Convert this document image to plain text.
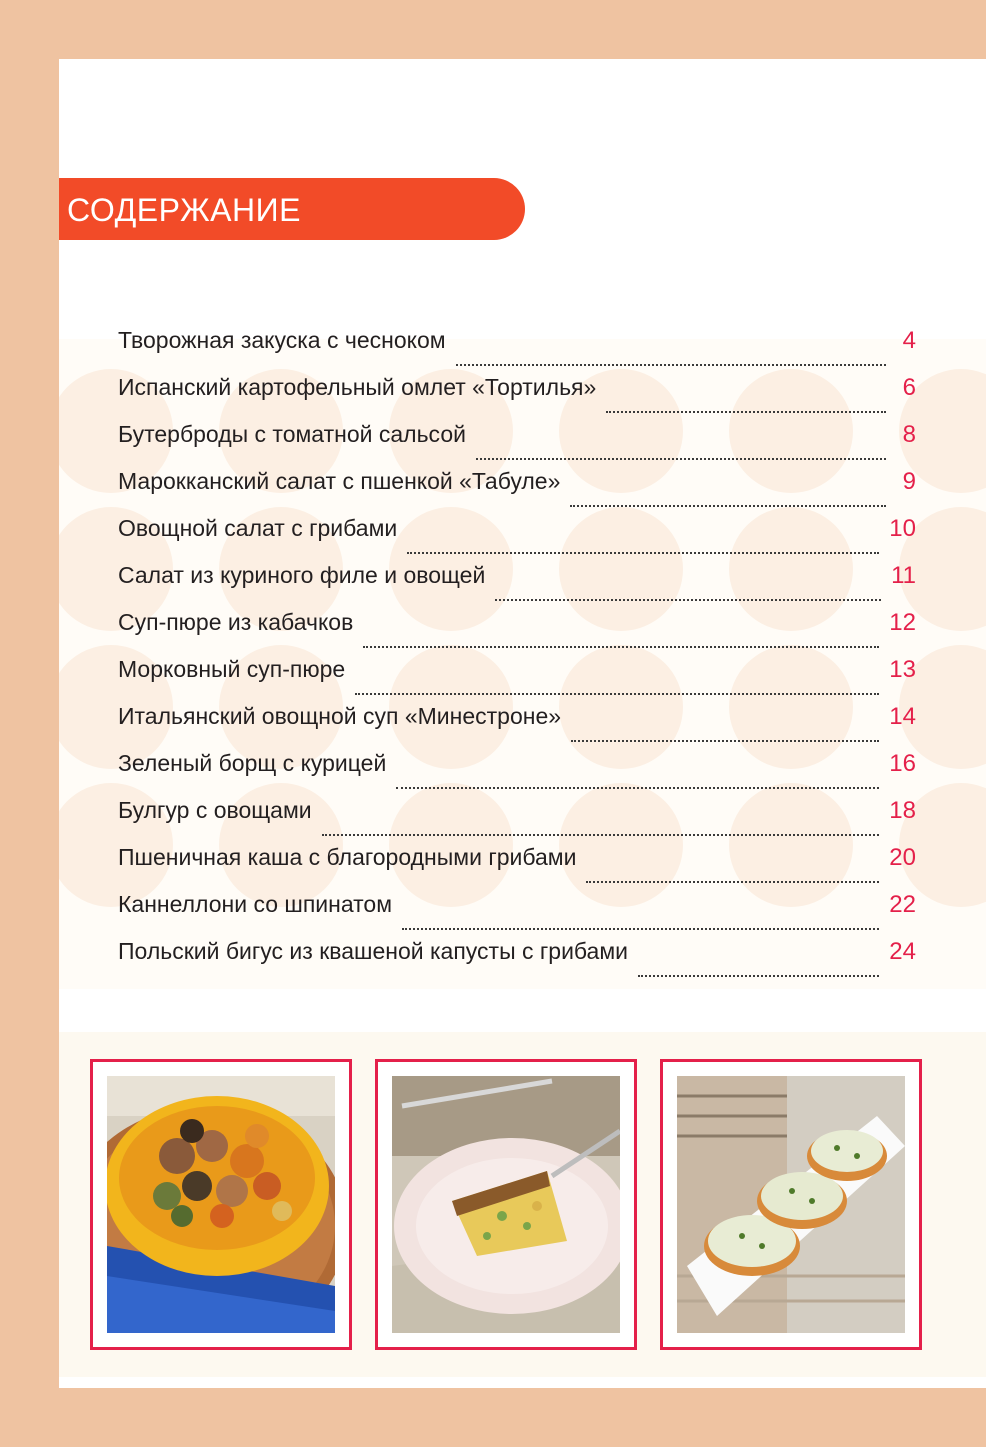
СОДЕРЖАНИЕ
Творожная закуска с чесноком	4
Испанский картофельный омлет «Тортилья»	6
Бутерброды с томатной сальсой	8
Марокканский салат с пшенкой «Табуле»	9
Овощной салат с грибами	10
Салат из куриного филе и овощей	11
Суп-пюре из кабачков	12
Морковный суп-пюре	13
Итальянский овощной суп «Минестроне»	14
Зеленый борщ с курицей	16
Булгур с овощами	18
Пшеничная каша с благородными грибами	20
Каннеллони со шпинатом	22
Польский бигус из квашеной капусты с грибами	24
